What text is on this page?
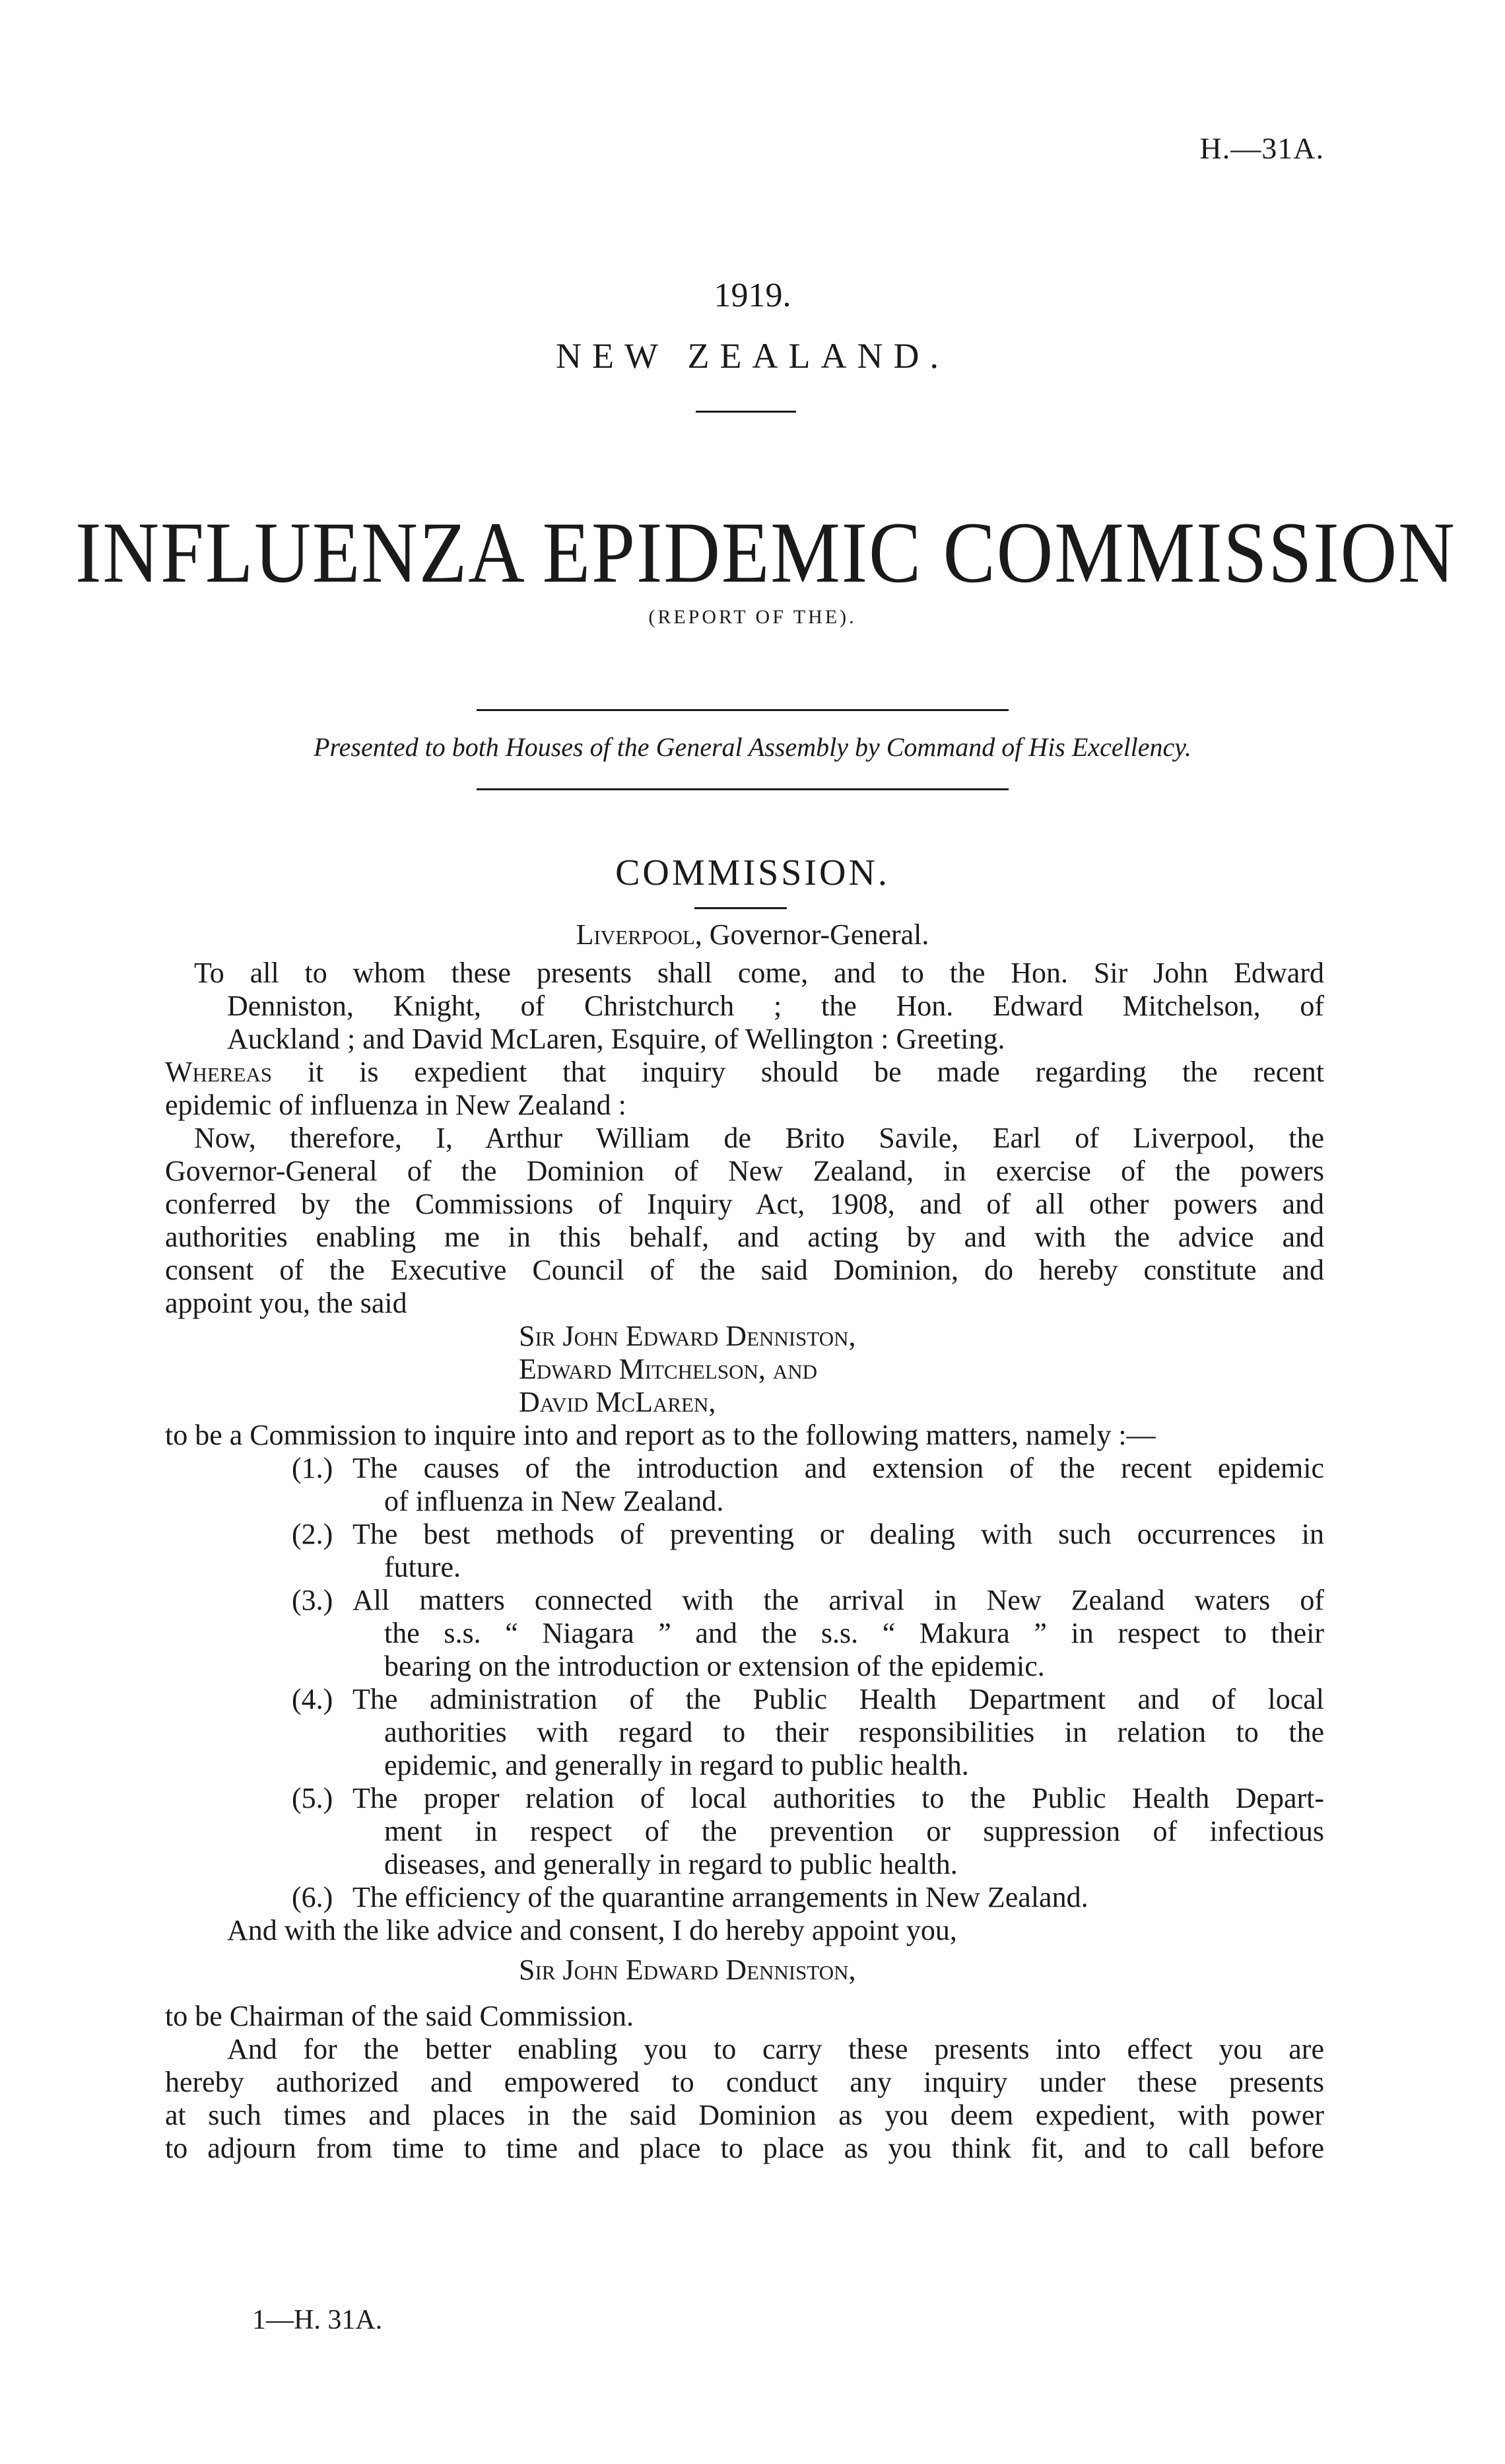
H.—31A.
1919.
NEW ZEALAND.
INFLUENZA EPIDEMIC COMMISSION
(REPORT OF THE).
Presented to both Houses of the General Assembly by Command of His Excellency.
COMMISSION.
Liverpool, Governor-General.
To all to whom these presents shall come, and to the Hon. Sir John Edward
Denniston, Knight, of Christchurch ; the Hon. Edward Mitchelson, of
Auckland ; and David McLaren, Esquire, of Wellington : Greeting.
Whereas it is expedient that inquiry should be made regarding the recent
epidemic of influenza in New Zealand :
Now, therefore, I, Arthur William de Brito Savile, Earl of Liverpool, the
Governor-General of the Dominion of New Zealand, in exercise of the powers
conferred by the Commissions of Inquiry Act, 1908, and of all other powers and
authorities enabling me in this behalf, and acting by and with the advice and
consent of the Executive Council of the said Dominion, do hereby constitute and
appoint you, the said
Sir John Edward Denniston,
Edward Mitchelson, and
David McLaren,
to be a Commission to inquire into and report as to the following matters, namely :—
(1.) The causes of the introduction and extension of the recent epidemic
of influenza in New Zealand.
(2.) The best methods of preventing or dealing with such occurrences in
future.
(3.) All matters connected with the arrival in New Zealand waters of
the s.s. “ Niagara ” and the s.s. “ Makura ” in respect to their
bearing on the introduction or extension of the epidemic.
(4.) The administration of the Public Health Department and of local
authorities with regard to their responsibilities in relation to the
epidemic, and generally in regard to public health.
(5.) The proper relation of local authorities to the Public Health Depart-
ment in respect of the prevention or suppression of infectious
diseases, and generally in regard to public health.
(6.) The efficiency of the quarantine arrangements in New Zealand.
And with the like advice and consent, I do hereby appoint you,
Sir John Edward Denniston,
to be Chairman of the said Commission.
And for the better enabling you to carry these presents into effect you are
hereby authorized and empowered to conduct any inquiry under these presents
at such times and places in the said Dominion as you deem expedient, with power
to adjourn from time to time and place to place as you think fit, and to call before
1—H. 31A.
